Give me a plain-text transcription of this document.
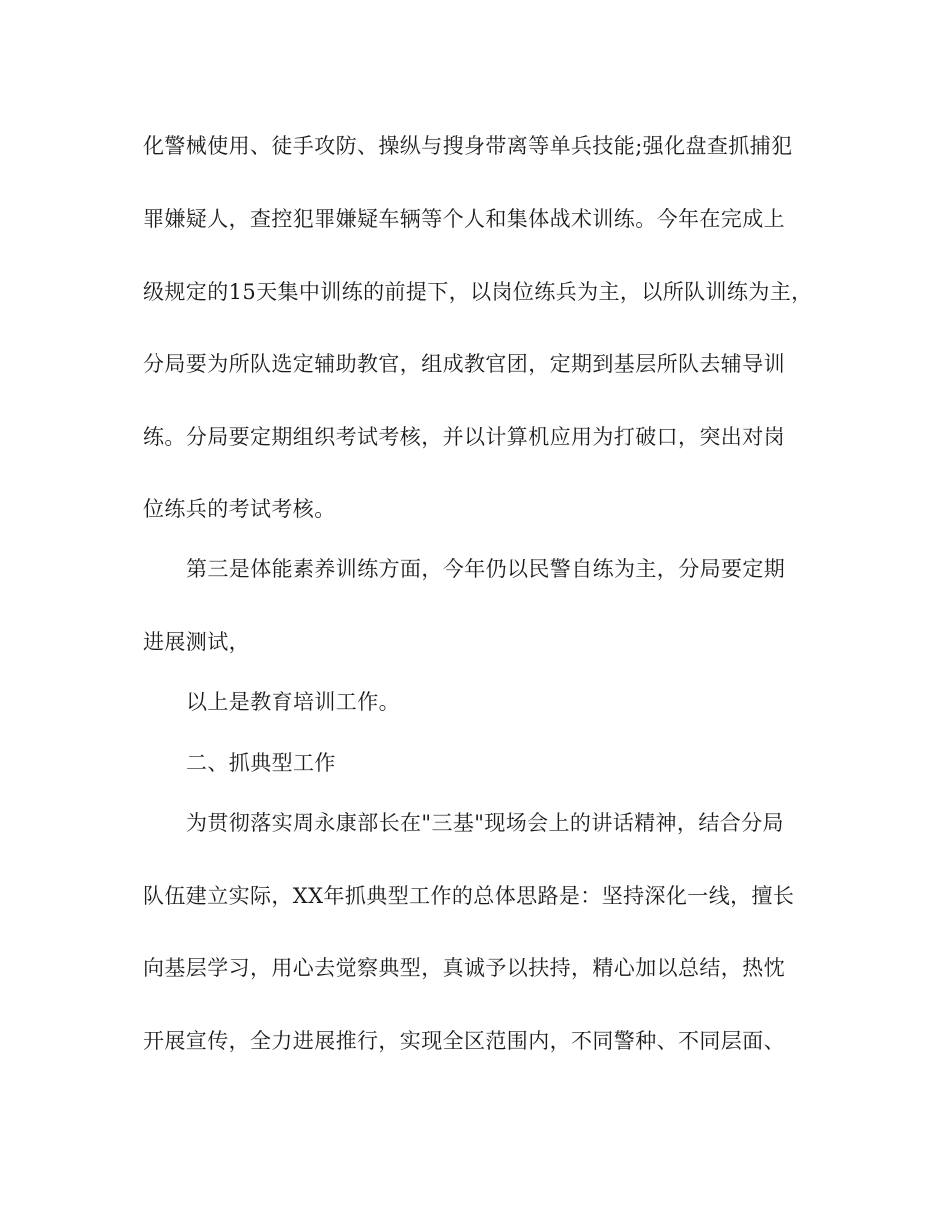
化警械使用、徒手攻防、操纵与搜身带离等单兵技能;强化盘查抓捕犯
罪嫌疑人，查控犯罪嫌疑车辆等个人和集体战术训练。今年在完成上
级规定的15天集中训练的前提下，以岗位练兵为主，以所队训练为主，
分局要为所队选定辅助教官，组成教官团，定期到基层所队去辅导训
练。分局要定期组织考试考核，并以计算机应用为打破口，突出对岗
位练兵的考试考核。
第三是体能素养训练方面，今年仍以民警自练为主，分局要定期
进展测试，
以上是教育培训工作。
二、抓典型工作
为贯彻落实周永康部长在"三基"现场会上的讲话精神，结合分局
队伍建立实际，XX年抓典型工作的总体思路是：坚持深化一线，擅长
向基层学习，用心去觉察典型，真诚予以扶持，精心加以总结，热忱
开展宣传，全力进展推行，实现全区范围内，不同警种、不同层面、
